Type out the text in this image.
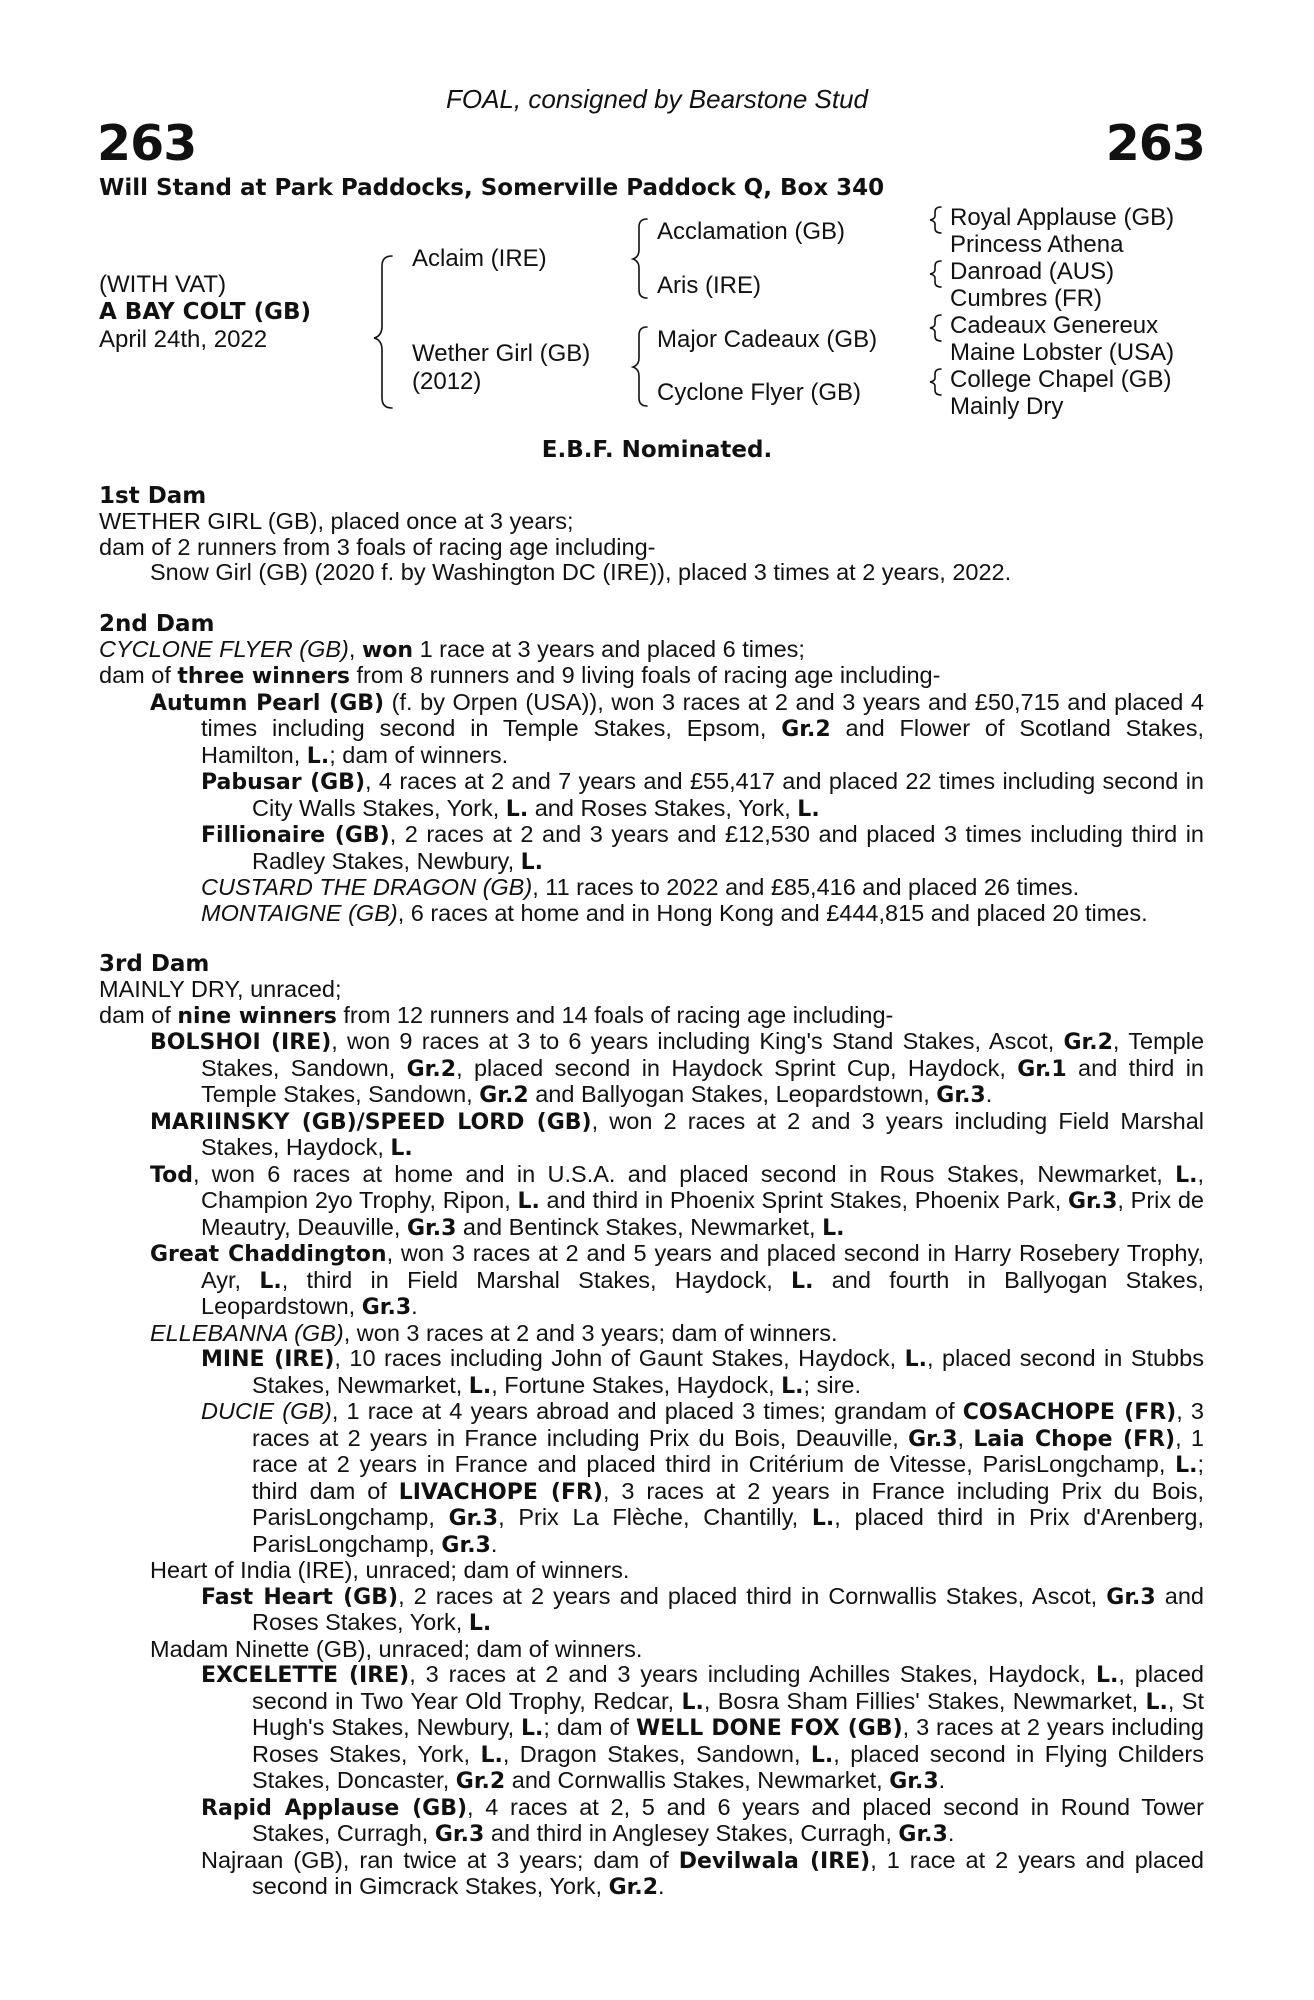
FOAL, consigned by Bearstone Stud
263	263
Will Stand at Park Paddocks, Somerville Paddock Q, Box 340
(WITH VAT)
A BAY COLT (GB)
April 24th, 2022
Aclaim (IRE)
Wether Girl (GB)
(2012)
Acclamation (GB)
Aris (IRE)
Major Cadeaux (GB)
Cyclone Flyer (GB)
Royal Applause (GB)
Princess Athena
Danroad (AUS)
Cumbres (FR)
Cadeaux Genereux
Maine Lobster (USA)
College Chapel (GB)
Mainly Dry
E.B.F. Nominated.
1st Dam
WETHER GIRL (GB), placed once at 3 years;
dam of 2 runners from 3 foals of racing age including-
Snow Girl (GB) (2020 f. by Washington DC (IRE)), placed 3 times at 2 years, 2022.
2nd Dam
CYCLONE FLYER (GB), won 1 race at 3 years and placed 6 times;
dam of three winners from 8 runners and 9 living foals of racing age including-
Autumn Pearl (GB) (f. by Orpen (USA)), won 3 races at 2 and 3 years and £50,715 and placed 4 times including second in Temple Stakes, Epsom, Gr.2 and Flower of Scotland Stakes, Hamilton, L.; dam of winners.
Pabusar (GB), 4 races at 2 and 7 years and £55,417 and placed 22 times including second in City Walls Stakes, York, L. and Roses Stakes, York, L.
Fillionaire (GB), 2 races at 2 and 3 years and £12,530 and placed 3 times including third in Radley Stakes, Newbury, L.
CUSTARD THE DRAGON (GB), 11 races to 2022 and £85,416 and placed 26 times.
MONTAIGNE (GB), 6 races at home and in Hong Kong and £444,815 and placed 20 times.
3rd Dam
MAINLY DRY, unraced;
dam of nine winners from 12 runners and 14 foals of racing age including-
BOLSHOI (IRE), won 9 races at 3 to 6 years including King's Stand Stakes, Ascot, Gr.2, Temple Stakes, Sandown, Gr.2, placed second in Haydock Sprint Cup, Haydock, Gr.1 and third in Temple Stakes, Sandown, Gr.2 and Ballyogan Stakes, Leopardstown, Gr.3.
MARIINSKY (GB)/SPEED LORD (GB), won 2 races at 2 and 3 years including Field Marshal Stakes, Haydock, L.
Tod, won 6 races at home and in U.S.A. and placed second in Rous Stakes, Newmarket, L., Champion 2yo Trophy, Ripon, L. and third in Phoenix Sprint Stakes, Phoenix Park, Gr.3, Prix de Meautry, Deauville, Gr.3 and Bentinck Stakes, Newmarket, L.
Great Chaddington, won 3 races at 2 and 5 years and placed second in Harry Rosebery Trophy, Ayr, L., third in Field Marshal Stakes, Haydock, L. and fourth in Ballyogan Stakes, Leopardstown, Gr.3.
ELLEBANNA (GB), won 3 races at 2 and 3 years; dam of winners.
MINE (IRE), 10 races including John of Gaunt Stakes, Haydock, L., placed second in Stubbs Stakes, Newmarket, L., Fortune Stakes, Haydock, L.; sire.
DUCIE (GB), 1 race at 4 years abroad and placed 3 times; grandam of COSACHOPE (FR), 3 races at 2 years in France including Prix du Bois, Deauville, Gr.3, Laia Chope (FR), 1 race at 2 years in France and placed third in Critérium de Vitesse, ParisLongchamp, L.; third dam of LIVACHOPE (FR), 3 races at 2 years in France including Prix du Bois, ParisLongchamp, Gr.3, Prix La Flèche, Chantilly, L., placed third in Prix d'Arenberg, ParisLongchamp, Gr.3.
Heart of India (IRE), unraced; dam of winners.
Fast Heart (GB), 2 races at 2 years and placed third in Cornwallis Stakes, Ascot, Gr.3 and Roses Stakes, York, L.
Madam Ninette (GB), unraced; dam of winners.
EXCELETTE (IRE), 3 races at 2 and 3 years including Achilles Stakes, Haydock, L., placed second in Two Year Old Trophy, Redcar, L., Bosra Sham Fillies' Stakes, Newmarket, L., St Hugh's Stakes, Newbury, L.; dam of WELL DONE FOX (GB), 3 races at 2 years including Roses Stakes, York, L., Dragon Stakes, Sandown, L., placed second in Flying Childers Stakes, Doncaster, Gr.2 and Cornwallis Stakes, Newmarket, Gr.3.
Rapid Applause (GB), 4 races at 2, 5 and 6 years and placed second in Round Tower Stakes, Curragh, Gr.3 and third in Anglesey Stakes, Curragh, Gr.3.
Najraan (GB), ran twice at 3 years; dam of Devilwala (IRE), 1 race at 2 years and placed second in Gimcrack Stakes, York, Gr.2.
